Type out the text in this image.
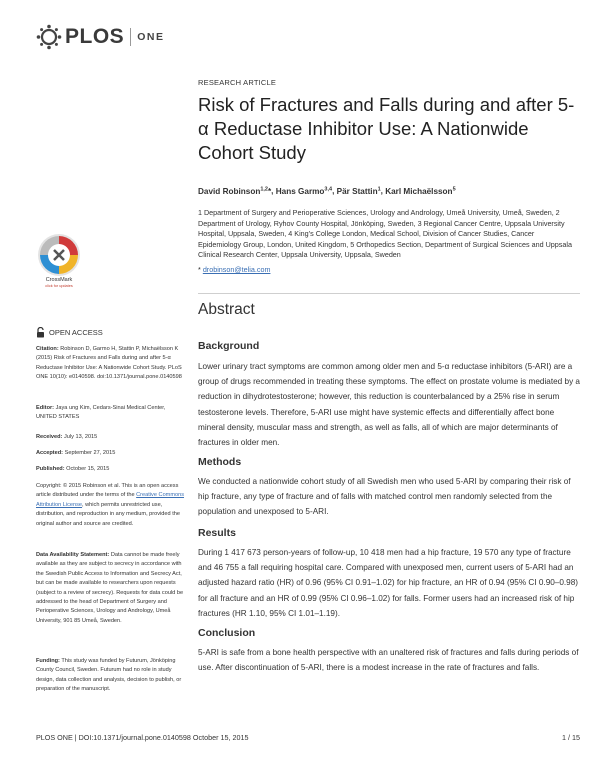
PLOS ONE
RESEARCH ARTICLE
Risk of Fractures and Falls during and after 5-α Reductase Inhibitor Use: A Nationwide Cohort Study
David Robinson$^{1,2}$*, Hans Garmo$^{3,4}$, Pär Stattin$^1$, Karl Michaëlsson$^5$
1 Department of Surgery and Perioperative Sciences, Urology and Andrology, Umeå University, Umeå, Sweden, 2 Department of Urology, Ryhov County Hospital, Jönköping, Sweden, 3 Regional Cancer Centre, Uppsala University Hospital, Uppsala, Sweden, 4 King’s College London, Medical School, Division of Cancer Studies, Cancer Epidemiology Group, London, United Kingdom, 5 Orthopedics Section, Department of Surgical Sciences and Uppsala Clinical Research Center, Uppsala University, Uppsala, Sweden
* drobinson@telia.com
CrossMark
click for updates
OPEN ACCESS
Citation: Robinson D, Garmo H, Stattin P, Michaëlsson K (2015) Risk of Fractures and Falls during and after 5-α Reductase Inhibitor Use: A Nationwide Cohort Study. PLoS ONE 10(10): e0140598. doi:10.1371/journal.pone.0140598
Editor: Jaya ung Kim, Cedars-Sinai Medical Center, UNITED STATES
Received: July 13, 2015
Accepted: September 27, 2015
Published: October 15, 2015
Copyright: © 2015 Robinson et al. This is an open access article distributed under the terms of the Creative Commons Attribution License, which permits unrestricted use, distribution, and reproduction in any medium, provided the original author and source are credited.
Data Availability Statement: Data cannot be made freely available as they are subject to secrecy in accordance with the Swedish Public Access to Information and Secrecy Act, but can be made available to researchers upon requests (subject to a review of secrecy). Requests for data could be addressed to the head of Department of Surgery and Perioperative Sciences, Urology and Andrology, Umeå University, 901 85 Umeå, Sweden.
Funding: This study was funded by Futurum, Jönköping County Council, Sweden. Futurum had no role in study design, data collection and analysis, decision to publish, or preparation of the manuscript.
Abstract
Background
Lower urinary tract symptoms are common among older men and 5-α reductase inhibitors (5-ARI) are a group of drugs recommended in treating these symptoms. The effect on prostate volume is mediated by a reduction in dihydrotestosterone; however, this reduction is counterbalanced by a 25% rise in serum testosterone levels. Therefore, 5-ARI use might have systemic effects and differentially affect bone mineral density, muscular mass and strength, as well as falls, all of which are major determinants of fractures in older men.
Methods
We conducted a nationwide cohort study of all Swedish men who used 5-ARI by comparing their risk of hip fracture, any type of fracture and of falls with matched control men randomly selected from the population and unexposed to 5-ARI.
Results
During 1 417 673 person-years of follow-up, 10 418 men had a hip fracture, 19 570 any type of fracture and 46 755 a fall requiring hospital care. Compared with unexposed men, current users of 5-ARI had an adjusted hazard ratio (HR) of 0.96 (95% CI 0.91–1.02) for hip fracture, an HR of 0.94 (95% CI 0.90–0.98) for all fracture and an HR of 0.99 (95% CI 0.96–1.02) for falls. Former users had an increased risk of hip fractures (HR 1.10, 95% CI 1.01–1.19).
Conclusion
5-ARI is safe from a bone health perspective with an unaltered risk of fractures and falls during periods of use. After discontinuation of 5-ARI, there is a modest increase in the rate of fractures and falls.
PLOS ONE | DOI:10.1371/journal.pone.0140598 October 15, 2015	1 / 15
